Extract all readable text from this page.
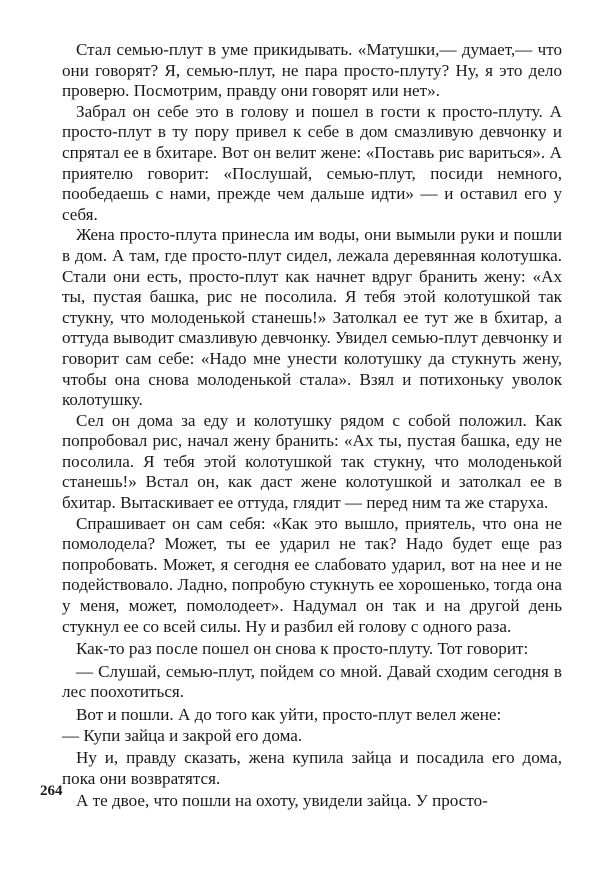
Стал семью-плут в уме прикидывать. «Матушки,— думает,— что они говорят? Я, семью-плут, не пара просто-плуту? Ну, я это дело проверю. Посмотрим, правду они говорят или нет».

Забрал он себе это в голову и пошел в гости к просто-плуту. А просто-плут в ту пору привел к себе в дом смазливую девчонку и спрятал ее в бхитаре. Вот он велит жене: «Поставь рис вариться». А приятелю говорит: «Послушай, семью-плут, посиди немного, пообедаешь с нами, прежде чем дальше идти» — и оставил его у себя.

Жена просто-плута принесла им воды, они вымыли руки и пошли в дом. А там, где просто-плут сидел, лежала деревянная колотушка. Стали они есть, просто-плут как начнет вдруг бранить жену: «Ах ты, пустая башка, рис не посолила. Я тебя этой колотушкой так стукну, что молоденькой станешь!» Затолкал ее тут же в бхитар, а оттуда выводит смазливую девчонку. Увидел семью-плут девчонку и говорит сам себе: «Надо мне унести колотушку да стукнуть жену, чтобы она снова молоденькой стала». Взял и потихоньку уволок колотушку.

Сел он дома за еду и колотушку рядом с собой положил. Как попробовал рис, начал жену бранить: «Ах ты, пустая башка, еду не посолила. Я тебя этой колотушкой так стукну, что молоденькой станешь!» Встал он, как даст жене колотушкой и затолкал ее в бхитар. Вытаскивает ее оттуда, глядит — перед ним та же старуха.

Спрашивает он сам себя: «Как это вышло, приятель, что она не помолодела? Может, ты ее ударил не так? Надо будет еще раз попробовать. Может, я сегодня ее слабовато ударил, вот на нее и не подействовало. Ладно, попробую стукнуть ее хорошенько, тогда она у меня, может, помолодеет». Надумал он так и на другой день стукнул ее со всей силы. Ну и разбил ей голову с одного раза.

Как-то раз после пошел он снова к просто-плуту. Тот говорит:

— Слушай, семью-плут, пойдем со мной. Давай сходим сегодня в лес поохотиться.

Вот и пошли. А до того как уйти, просто-плут велел жене:

— Купи зайца и закрой его дома.

Ну и, правду сказать, жена купила зайца и посадила его дома, пока они возвратятся.

А те двое, что пошли на охоту, увидели зайца. У просто-

264
